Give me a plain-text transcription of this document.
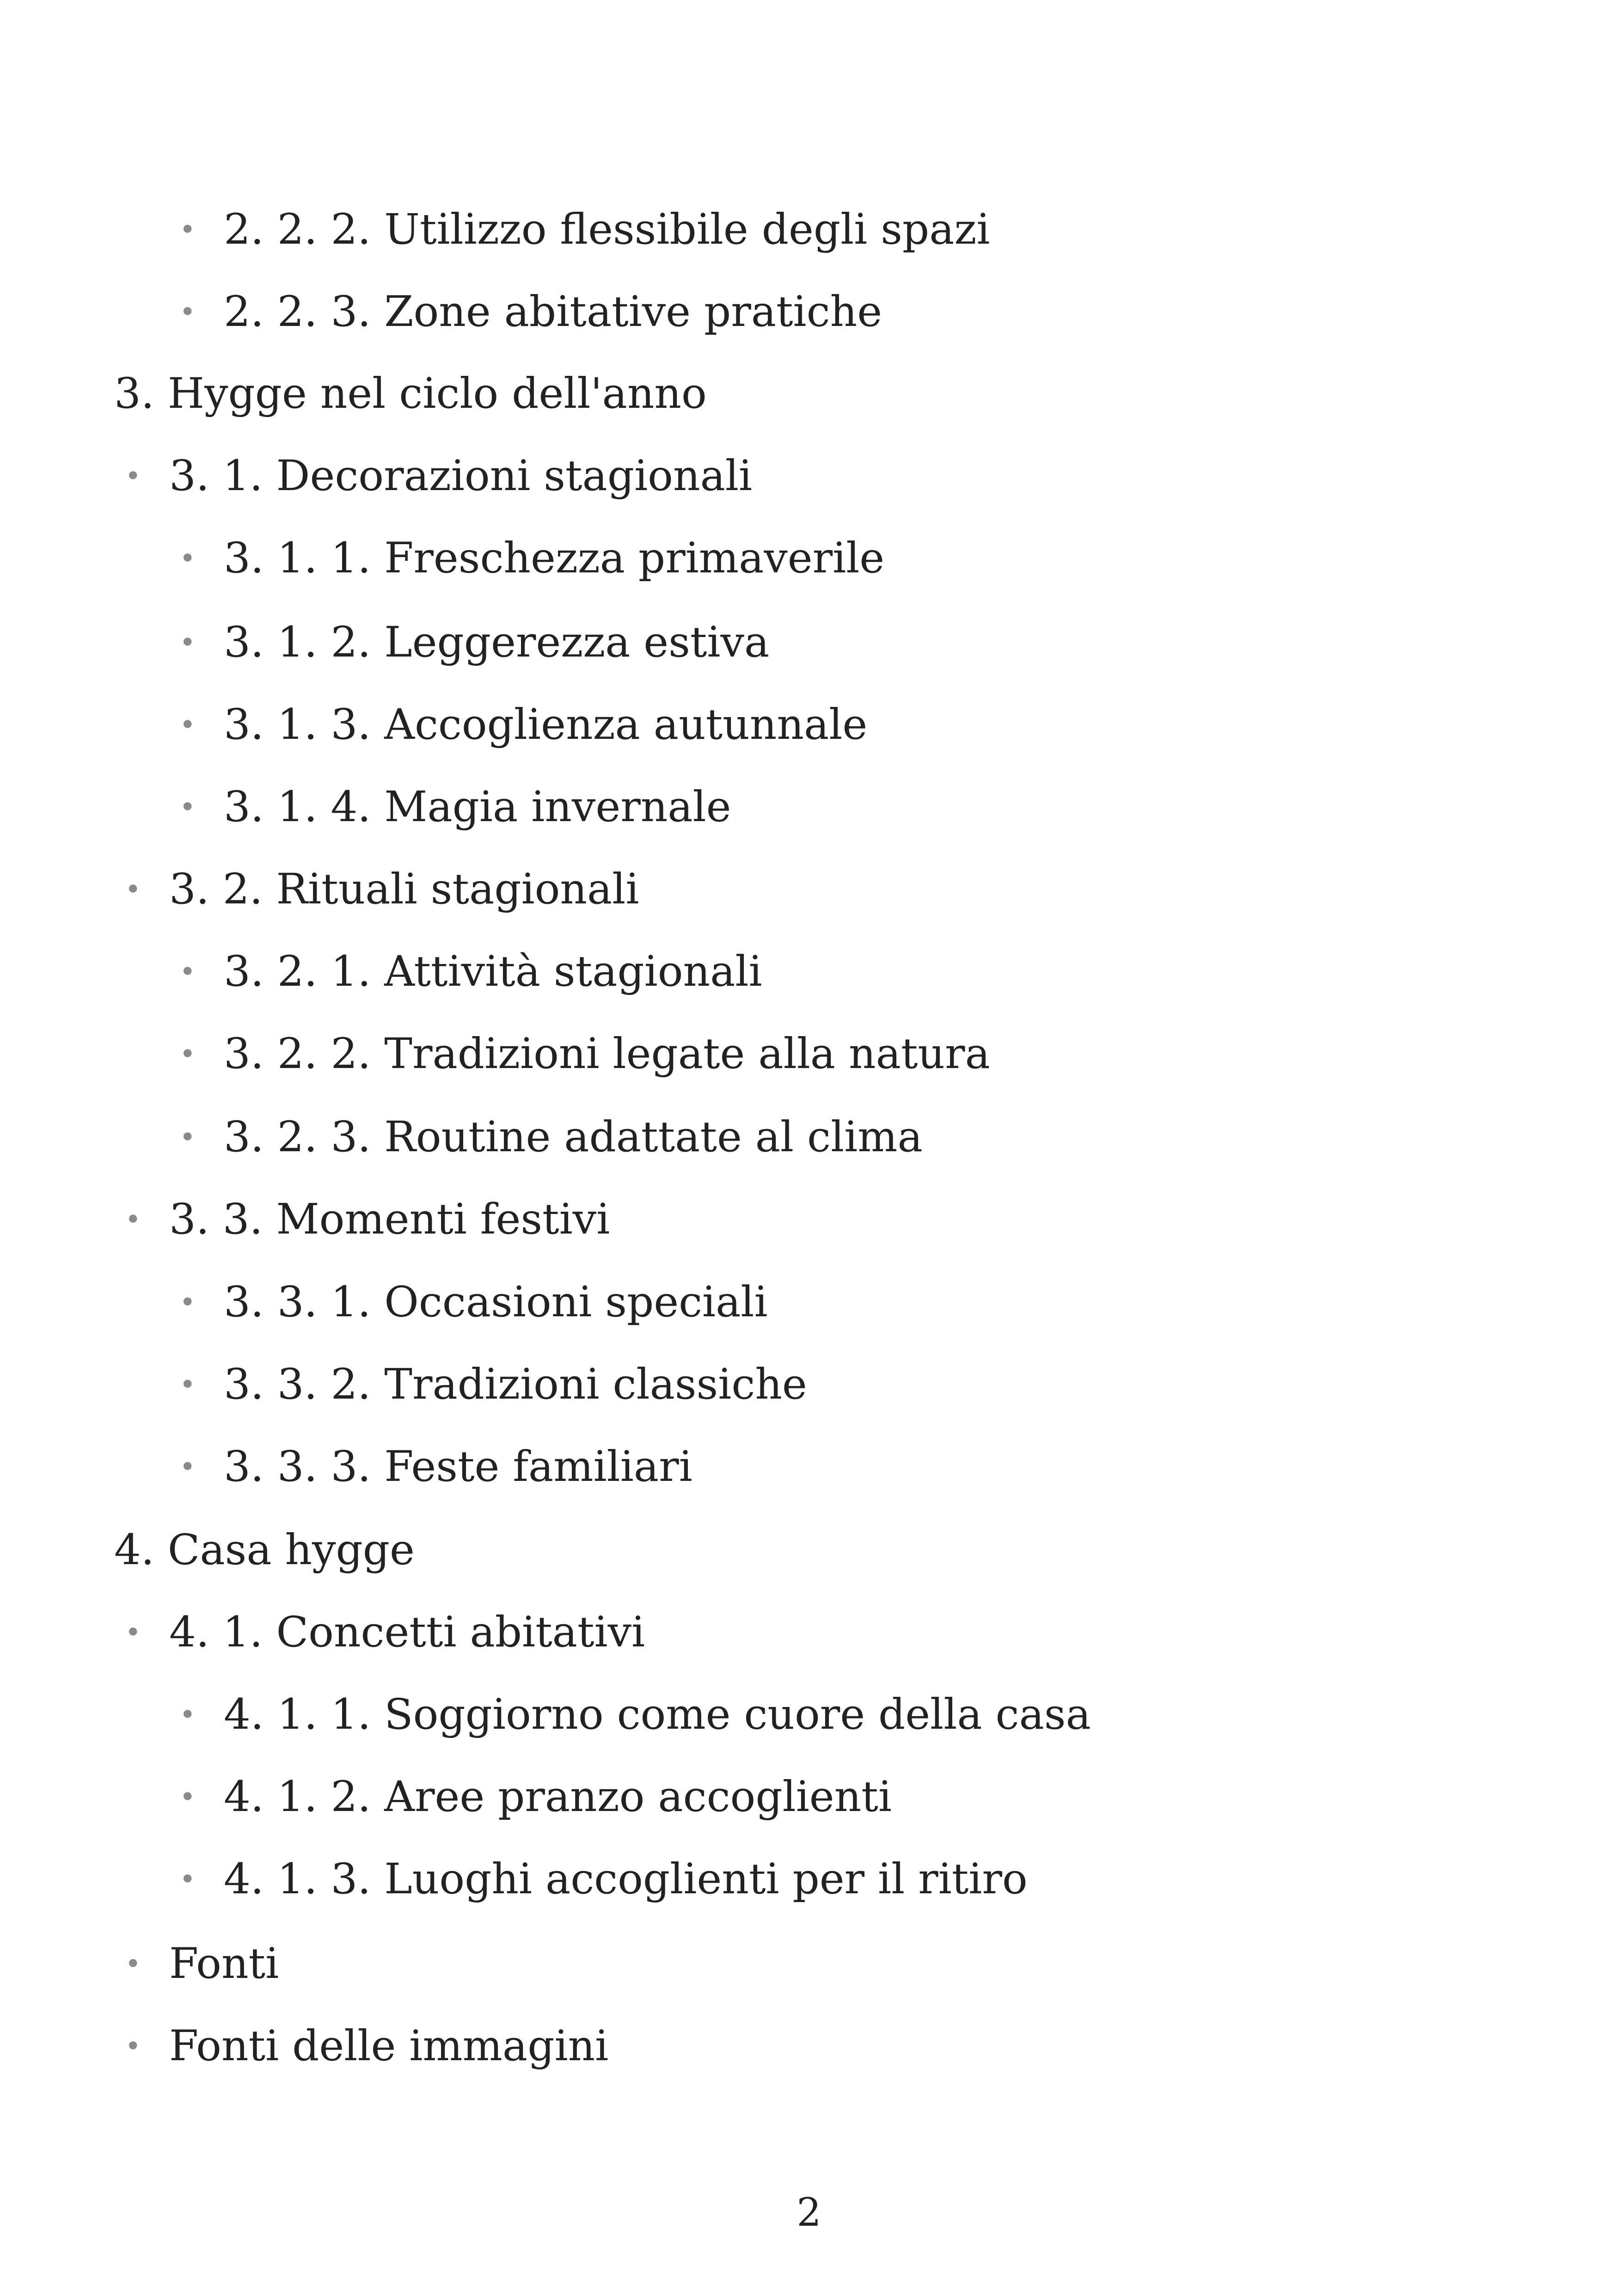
• 2. 2. 2. Utilizzo flessibile degli spazi
• 2. 2. 3. Zone abitative pratiche
3. Hygge nel ciclo dell'anno
• 3. 1. Decorazioni stagionali
• 3. 1. 1. Freschezza primaverile
• 3. 1. 2. Leggerezza estiva
• 3. 1. 3. Accoglienza autunnale
• 3. 1. 4. Magia invernale
• 3. 2. Rituali stagionali
• 3. 2. 1. Attività stagionali
• 3. 2. 2. Tradizioni legate alla natura
• 3. 2. 3. Routine adattate al clima
• 3. 3. Momenti festivi
• 3. 3. 1. Occasioni speciali
• 3. 3. 2. Tradizioni classiche
• 3. 3. 3. Feste familiari
4. Casa hygge
• 4. 1. Concetti abitativi
• 4. 1. 1. Soggiorno come cuore della casa
• 4. 1. 2. Aree pranzo accoglienti
• 4. 1. 3. Luoghi accoglienti per il ritiro
• Fonti
• Fonti delle immagini
2
